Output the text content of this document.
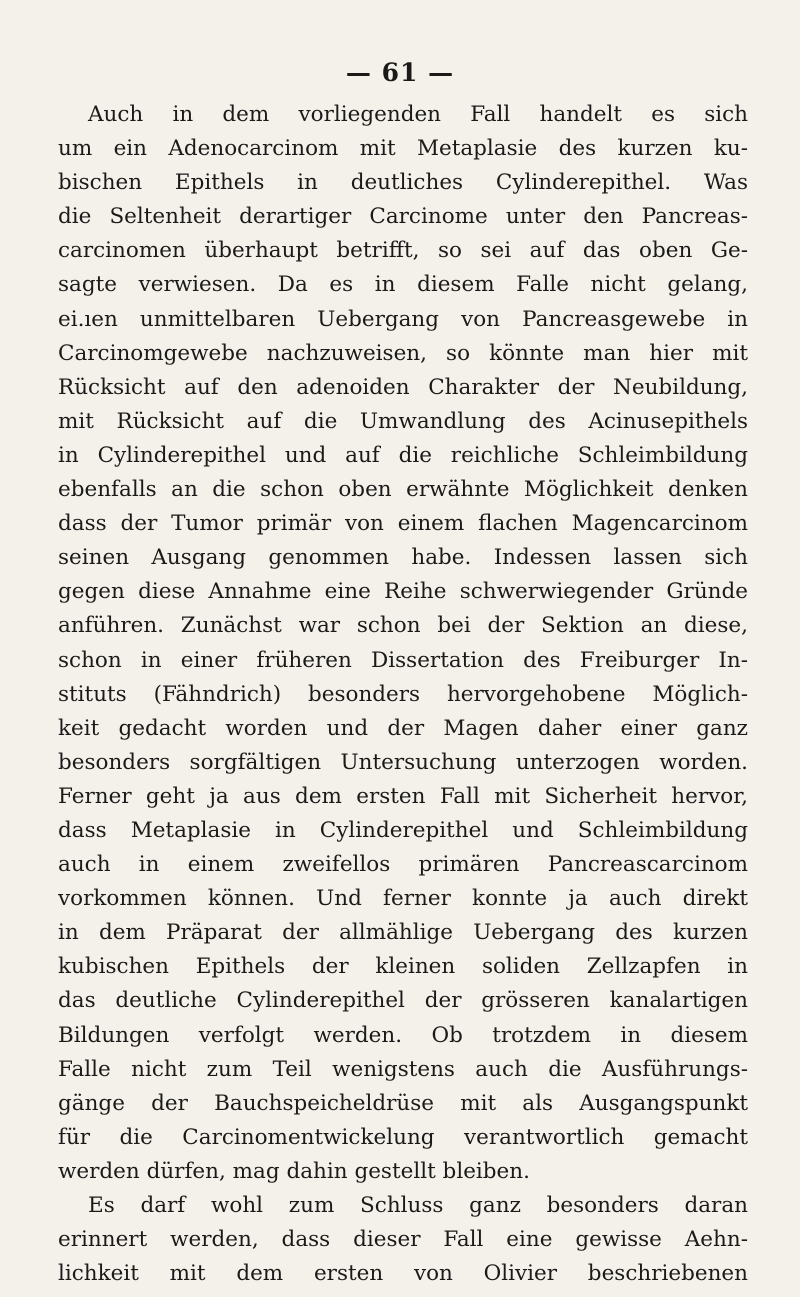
— 61 —
Auch in dem vorliegenden Fall handelt es sich
um ein Adenocarcinom mit Metaplasie des kurzen ku-
bischen Epithels in deutliches Cylinderepithel. Was
die Seltenheit derartiger Carcinome unter den Pancreas-
carcinomen überhaupt betrifft, so sei auf das oben Ge-
sagte verwiesen. Da es in diesem Falle nicht gelang,
ei.ıen unmittelbaren Uebergang von Pancreasgewebe in
Carcinomgewebe nachzuweisen, so könnte man hier mit
Rücksicht auf den adenoiden Charakter der Neubildung,
mit Rücksicht auf die Umwandlung des Acinusepithels
in Cylinderepithel und auf die reichliche Schleimbildung
ebenfalls an die schon oben erwähnte Möglichkeit denken
dass der Tumor primär von einem flachen Magencarcinom
seinen Ausgang genommen habe. Indessen lassen sich
gegen diese Annahme eine Reihe schwerwiegender Gründe
anführen. Zunächst war schon bei der Sektion an diese,
schon in einer früheren Dissertation des Freiburger In-
stituts (Fähndrich) besonders hervorgehobene Möglich-
keit gedacht worden und der Magen daher einer ganz
besonders sorgfältigen Untersuchung unterzogen worden.
Ferner geht ja aus dem ersten Fall mit Sicherheit hervor,
dass Metaplasie in Cylinderepithel und Schleimbildung
auch in einem zweifellos primären Pancreascarcinom
vorkommen können. Und ferner konnte ja auch direkt
in dem Präparat der allmählige Uebergang des kurzen
kubischen Epithels der kleinen soliden Zellzapfen in
das deutliche Cylinderepithel der grösseren kanalartigen
Bildungen verfolgt werden. Ob trotzdem in diesem
Falle nicht zum Teil wenigstens auch die Ausführungs-
gänge der Bauchspeicheldrüse mit als Ausgangspunkt
für die Carcinomentwickelung verantwortlich gemacht
werden dürfen, mag dahin gestellt bleiben.
Es darf wohl zum Schluss ganz besonders daran
erinnert werden, dass dieser Fall eine gewisse Aehn-
lichkeit mit dem ersten von Olivier beschriebenen
